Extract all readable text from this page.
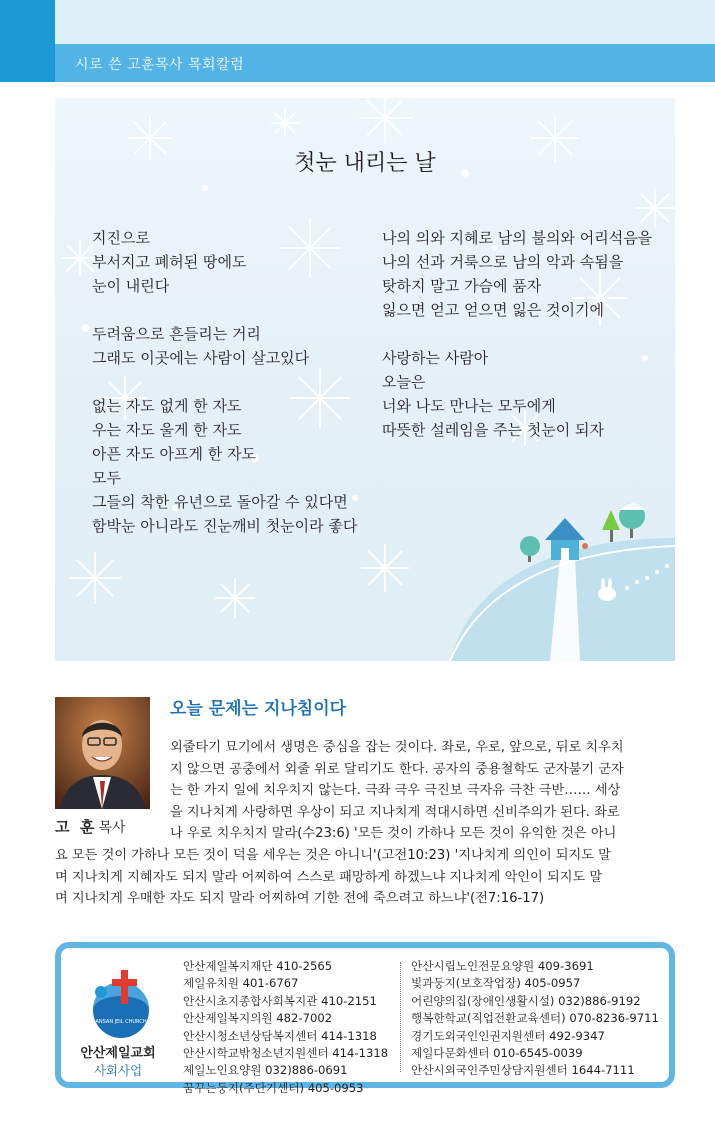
시로 쓴 고훈목사 목회칼럼
첫눈 내리는 날
지진으로
부서지고 폐허된 땅에도
눈이 내린다
두려움으로 흔들리는 거리
그래도 이곳에는 사람이 살고있다
없는 자도 없게 한 자도
우는 자도 울게 한 자도
아픈 자도 아프게 한 자도
모두
그들의 착한 유년으로 돌아갈 수 있다면
함박눈 아니라도 진눈깨비 첫눈이라 좋다
나의 의와 지혜로 남의 불의와 어리석음을
나의 선과 거룩으로 남의 악과 속됨을
탓하지 말고 가슴에 품자
잃으면 얻고 얻으면 잃은 것이기에
사랑하는 사람아
오늘은
너와 나도 만나는 모두에게
따뜻한 설레임을 주는 첫눈이 되자
고  훈 목사
오늘 문제는 지나침이다
외줄타기 묘기에서 생명은 중심을 잡는 것이다. 좌로, 우로, 앞으로, 뒤로 치우치
지 않으면 공중에서 외줄 위로 달리기도 한다. 공자의 중용철학도 군자불기 군자
는 한 가지 일에 치우치지 않는다. 극좌 극우 극진보 극자유 극찬 극반…… 세상
을 지나치게 사랑하면 우상이 되고 지나치게 적대시하면 신비주의가 된다. 좌로
나 우로 치우치지 말라(수23:6) '모든 것이 가하나 모든 것이 유익한 것은 아니
요 모든 것이 가하나 모든 것이 덕을 세우는 것은 아니니'(고전10:23) '지나치게 의인이 되지도 말
며 지나치게 지혜자도 되지 말라 어찌하여 스스로 패망하게 하겠느냐 지나치게 악인이 되지도 말
며 지나치게 우매한 자도 되지 말라 어찌하여 기한 전에 죽으려고 하느냐'(전7:16-17)
ANSAN JEIL CHURCH
안산제일교회
사회사업
안산제일복지재단 410-2565
제일유치원 401-6767
안산시초지종합사회복지관 410-2151
안산제일복지의원 482-7002
안산시청소년상담복지센터 414-1318
안산시학교밖청소년지원센터 414-1318
제일노인요양원 032)886-0691
꿈꾸는둥지(주단기센터) 405-0953
안산시립노인전문요양원 409-3691
빛과둥지(보호작업장) 405-0957
어린양의집(장애인생활시설) 032)886-9192
행복한학교(직업전환교육센터) 070-8236-9711
경기도외국인인권지원센터 492-9347
제일다문화센터 010-6545-0039
안산시외국인주민상담지원센터 1644-7111
